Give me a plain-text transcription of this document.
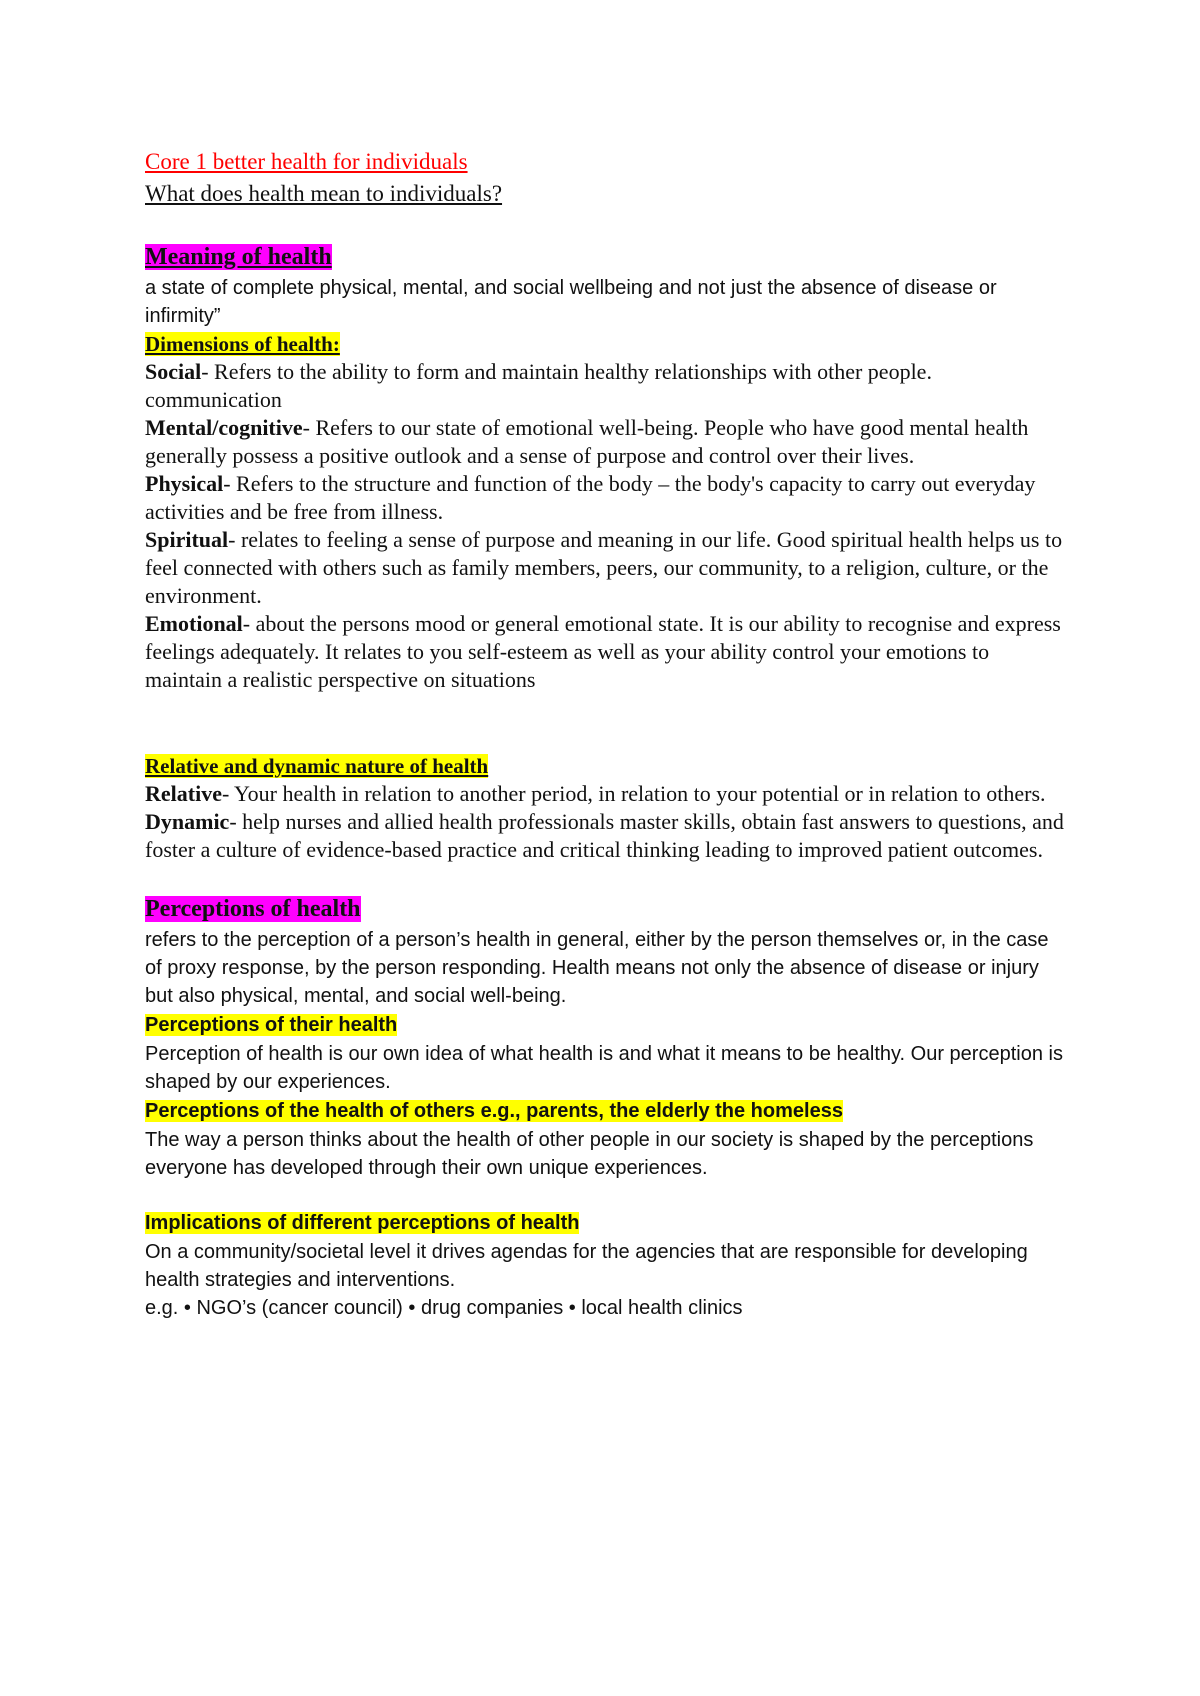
Core 1 better health for individuals

What does health mean to individuals?

Meaning of health

a state of complete physical, mental, and social wellbeing and not just the absence of disease or infirmity”

Dimensions of health:

Social- Refers to the ability to form and maintain healthy relationships with other people. communication

Mental/cognitive- Refers to our state of emotional well-being. People who have good mental health generally possess a positive outlook and a sense of purpose and control over their lives.

Physical- Refers to the structure and function of the body – the body's capacity to carry out everyday activities and be free from illness.

Spiritual- relates to feeling a sense of purpose and meaning in our life. Good spiritual health helps us to feel connected with others such as family members, peers, our community, to a religion, culture, or the environment.

Emotional- about the persons mood or general emotional state. It is our ability to recognise and express feelings adequately. It relates to you self-esteem as well as your ability control your emotions to maintain a realistic perspective on situations

Relative and dynamic nature of health

Relative- Your health in relation to another period, in relation to your potential or in relation to others.

Dynamic- help nurses and allied health professionals master skills, obtain fast answers to questions, and foster a culture of evidence-based practice and critical thinking leading to improved patient outcomes.

Perceptions of health

refers to the perception of a person’s health in general, either by the person themselves or, in the case of proxy response, by the person responding. Health means not only the absence of disease or injury but also physical, mental, and social well-being.

Perceptions of their health

Perception of health is our own idea of what health is and what it means to be healthy. Our perception is shaped by our experiences.

Perceptions of the health of others e.g., parents, the elderly the homeless

The way a person thinks about the health of other people in our society is shaped by the perceptions everyone has developed through their own unique experiences.

Implications of different perceptions of health

On a community/societal level it drives agendas for the agencies that are responsible for developing health strategies and interventions.

e.g. • NGO’s (cancer council) • drug companies • local health clinics
